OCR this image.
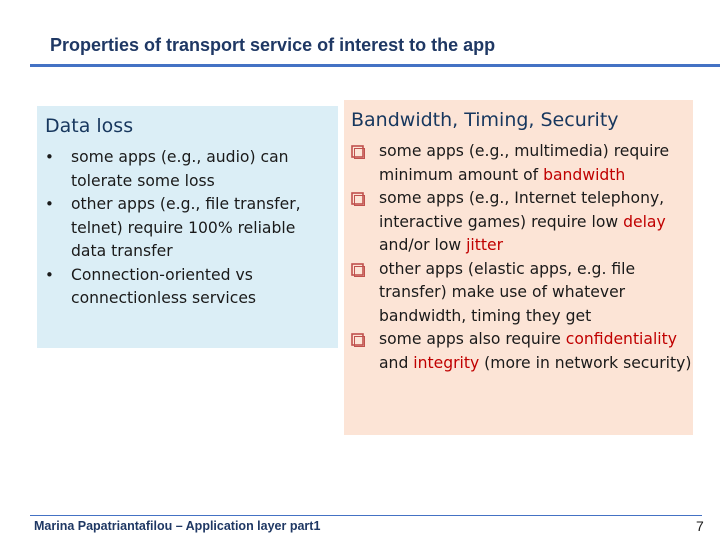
Properties of transport service of interest to the app
Data loss
• some apps (e.g., audio) can tolerate some loss
• other apps (e.g., file transfer, telnet) require 100% reliable data transfer
• Connection-oriented vs connectionless services
Bandwidth, Timing, Security
some apps (e.g., multimedia) require minimum amount of bandwidth
some apps (e.g., Internet telephony, interactive games) require low delay and/or low jitter
other apps (elastic apps, e.g. file transfer) make use of whatever bandwidth, timing they get
some apps also require confidentiality and integrity (more in network security)
Marina Papatriantafilou – Application layer part1	7
